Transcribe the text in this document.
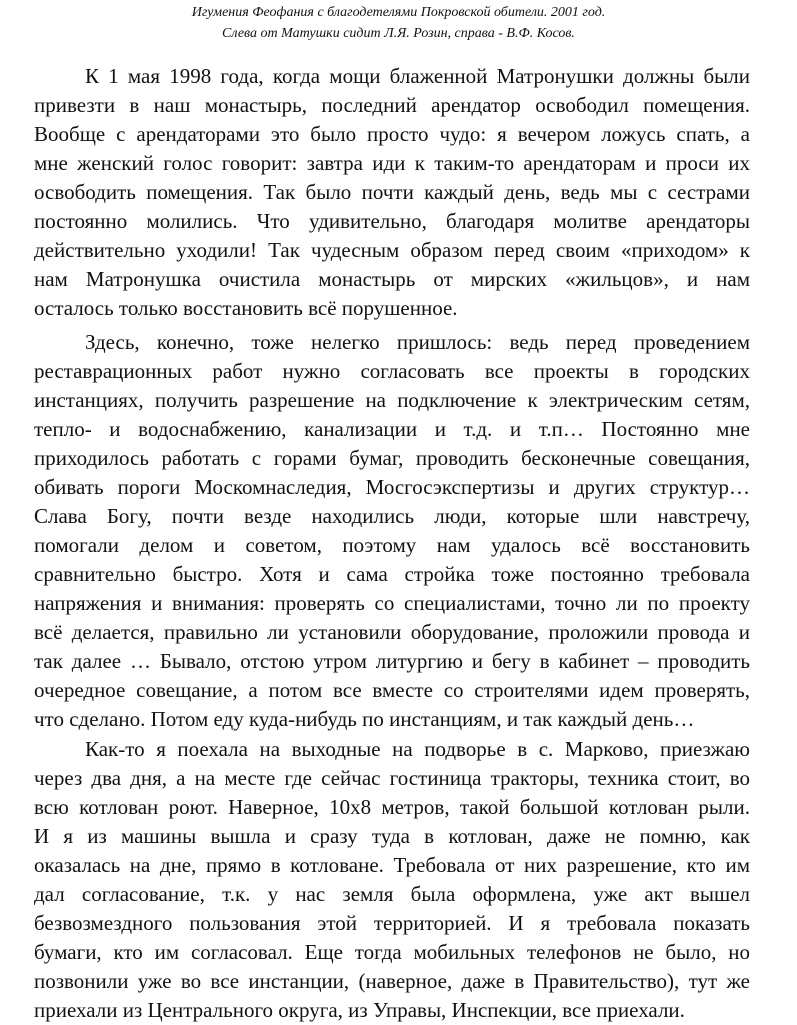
Игумения Феофания с благодетелями Покровской обители. 2001 год.
Слева от Матушки сидит Л.Я. Розин, справа - В.Ф. Косов.
К 1 мая 1998 года, когда мощи блаженной Матронушки должны были
привезти в наш монастырь, последний арендатор освободил помещения.
Вообще с арендаторами это было просто чудо: я вечером ложусь спать, а
мне женский голос говорит: завтра иди к таким-то арендаторам и проси их
освободить помещения. Так было почти каждый день, ведь мы с сестрами
постоянно молились. Что удивительно, благодаря молитве арендаторы
действительно уходили! Так чудесным образом перед своим «приходом» к
нам Матронушка очистила монастырь от мирских «жильцов», и нам
осталось только восстановить всё порушенное.
Здесь, конечно, тоже нелегко пришлось: ведь перед проведением
реставрационных работ нужно согласовать все проекты в городских
инстанциях, получить разрешение на подключение к электрическим сетям,
тепло- и водоснабжению, канализации и т.д. и т.п… Постоянно мне
приходилось работать с горами бумаг, проводить бесконечные совещания,
обивать пороги Москомнаследия, Мосгосэкспертизы и других структур…
Слава Богу, почти везде находились люди, которые шли навстречу,
помогали делом и советом, поэтому нам удалось всё восстановить
сравнительно быстро. Хотя и сама стройка тоже постоянно требовала
напряжения и внимания: проверять со специалистами, точно ли по проекту
всё делается, правильно ли установили оборудование, проложили провода и
так далее … Бывало, отстою утром литургию и бегу в кабинет – проводить
очередное совещание, а потом все вместе со строителями идем проверять,
что сделано. Потом еду куда-нибудь по инстанциям, и так каждый день…
Как-то я поехала на выходные на подворье в с. Марково, приезжаю
через два дня, а на месте где сейчас гостиница тракторы, техника стоит, во
всю котлован роют. Наверное, 10х8 метров, такой большой котлован рыли.
И я из машины вышла и сразу туда в котлован, даже не помню, как
оказалась на дне, прямо в котловане. Требовала от них разрешение, кто им
дал согласование, т.к. у нас земля была оформлена, уже акт вышел
безвозмездного пользования этой территорией. И я требовала показать
бумаги, кто им согласовал. Еще тогда мобильных телефонов не было, но
позвонили уже во все инстанции, (наверное, даже в Правительство), тут же
приехали из Центрального округа, из Управы, Инспекции, все приехали.
